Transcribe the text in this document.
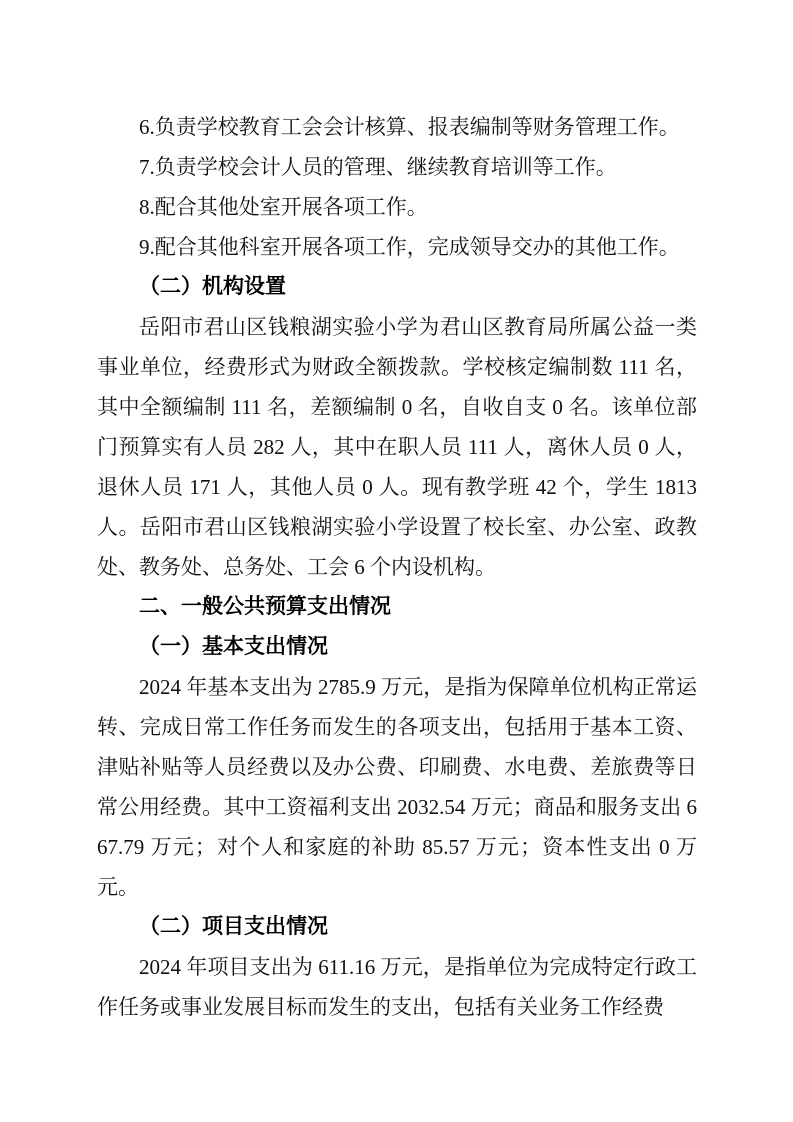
6.负责学校教育工会会计核算、报表编制等财务管理工作。

7.负责学校会计人员的管理、继续教育培训等工作。

8.配合其他处室开展各项工作。

9.配合其他科室开展各项工作，完成领导交办的其他工作。

（二）机构设置

岳阳市君山区钱粮湖实验小学为君山区教育局所属公益一类事业单位，经费形式为财政全额拨款。学校核定编制数 111 名，其中全额编制 111 名，差额编制 0 名，自收自支 0 名。该单位部门预算实有人员 282 人，其中在职人员 111 人，离休人员 0 人，退休人员 171 人，其他人员 0 人。现有教学班 42 个，学生 1813 人。岳阳市君山区钱粮湖实验小学设置了校长室、办公室、政教处、教务处、总务处、工会 6 个内设机构。

二、一般公共预算支出情况

（一）基本支出情况

2024 年基本支出为 2785.9 万元，是指为保障单位机构正常运转、完成日常工作任务而发生的各项支出，包括用于基本工资、津贴补贴等人员经费以及办公费、印刷费、水电费、差旅费等日常公用经费。其中工资福利支出 2032.54 万元；商品和服务支出 667.79 万元；对个人和家庭的补助 85.57 万元；资本性支出 0 万元。

（二）项目支出情况

2024 年项目支出为 611.16 万元，是指单位为完成特定行政工作任务或事业发展目标而发生的支出，包括有关业务工作经费
